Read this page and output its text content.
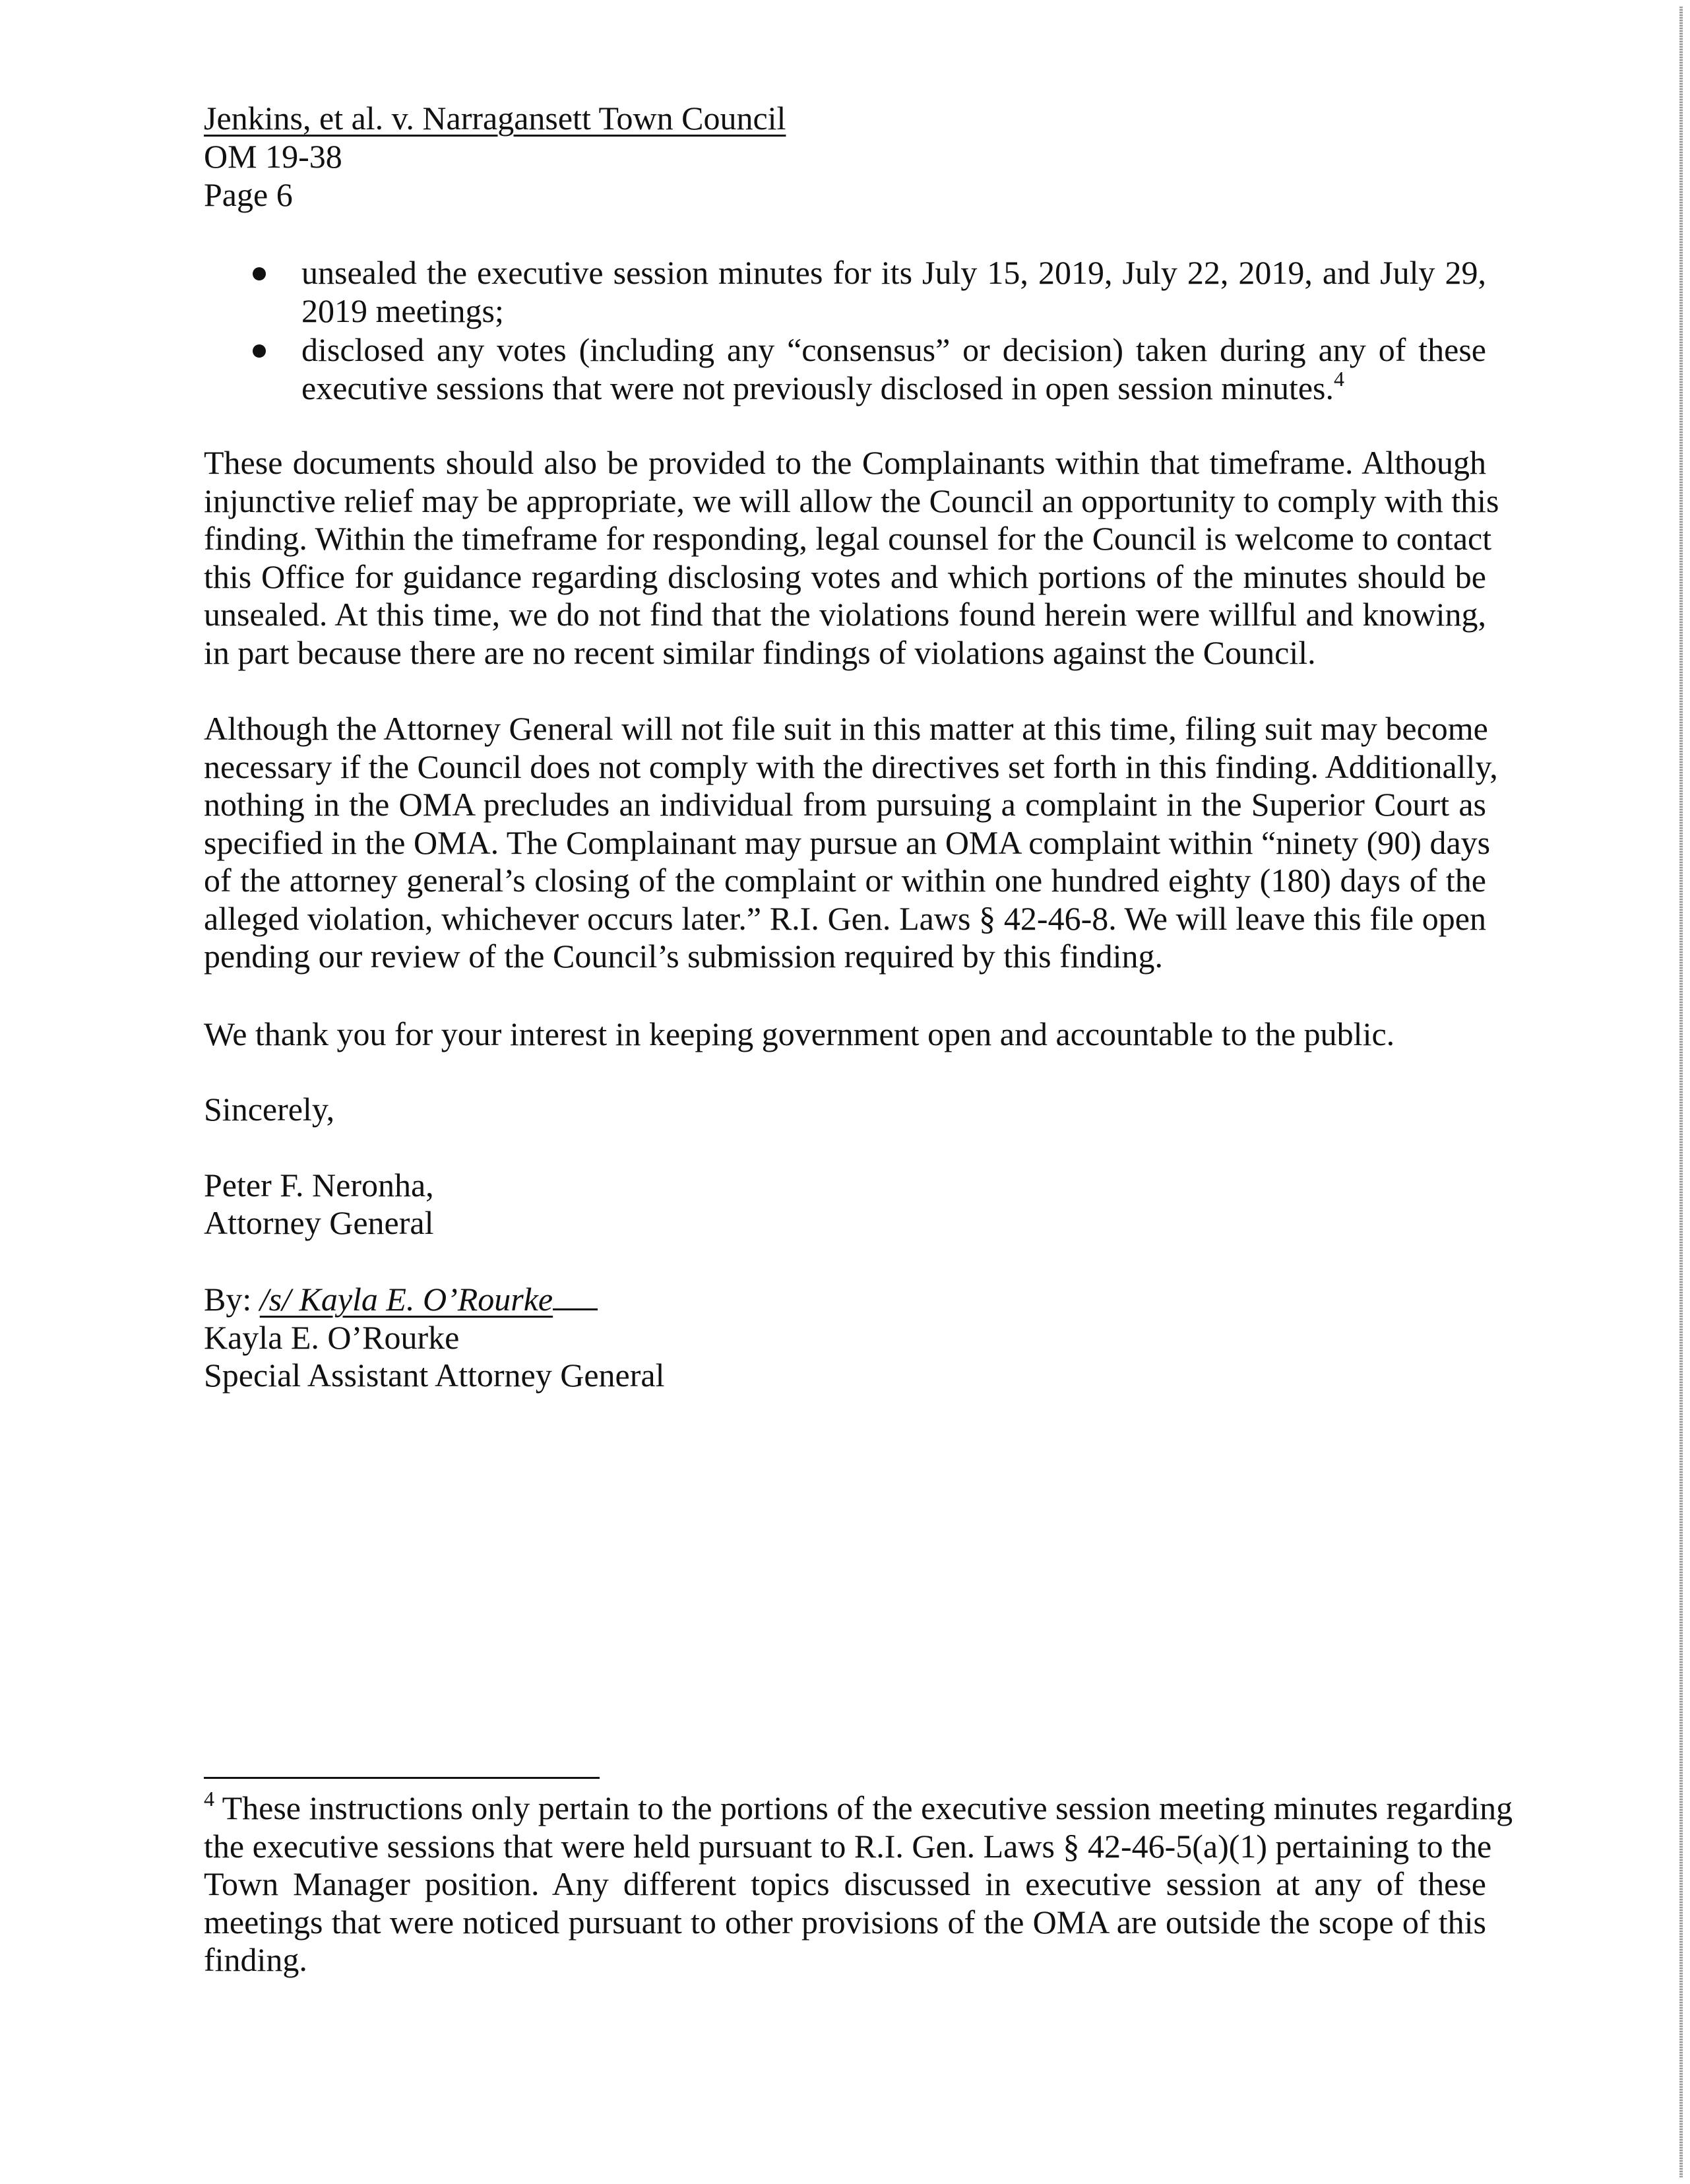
Jenkins, et al. v. Narragansett Town Council
OM 19-38
Page 6
unsealed the executive session minutes for its July 15, 2019, July 22, 2019, and July 29,
2019 meetings;
disclosed any votes (including any “consensus” or decision) taken during any of these
executive sessions that were not previously disclosed in open session minutes.$^4$
These documents should also be provided to the Complainants within that timeframe. Although
injunctive relief may be appropriate, we will allow the Council an opportunity to comply with this
finding. Within the timeframe for responding, legal counsel for the Council is welcome to contact
this Office for guidance regarding disclosing votes and which portions of the minutes should be
unsealed. At this time, we do not find that the violations found herein were willful and knowing,
in part because there are no recent similar findings of violations against the Council.
Although the Attorney General will not file suit in this matter at this time, filing suit may become
necessary if the Council does not comply with the directives set forth in this finding. Additionally,
nothing in the OMA precludes an individual from pursuing a complaint in the Superior Court as
specified in the OMA. The Complainant may pursue an OMA complaint within “ninety (90) days
of the attorney general’s closing of the complaint or within one hundred eighty (180) days of the
alleged violation, whichever occurs later.” R.I. Gen. Laws § 42-46-8. We will leave this file open
pending our review of the Council’s submission required by this finding.
We thank you for your interest in keeping government open and accountable to the public.
Sincerely,
Peter F. Neronha,
Attorney General
By: /s/ Kayla E. O’Rourke
Kayla E. O’Rourke
Special Assistant Attorney General
$^4$ These instructions only pertain to the portions of the executive session meeting minutes regarding
the executive sessions that were held pursuant to R.I. Gen. Laws § 42-46-5(a)(1) pertaining to the
Town Manager position. Any different topics discussed in executive session at any of these
meetings that were noticed pursuant to other provisions of the OMA are outside the scope of this
finding.
